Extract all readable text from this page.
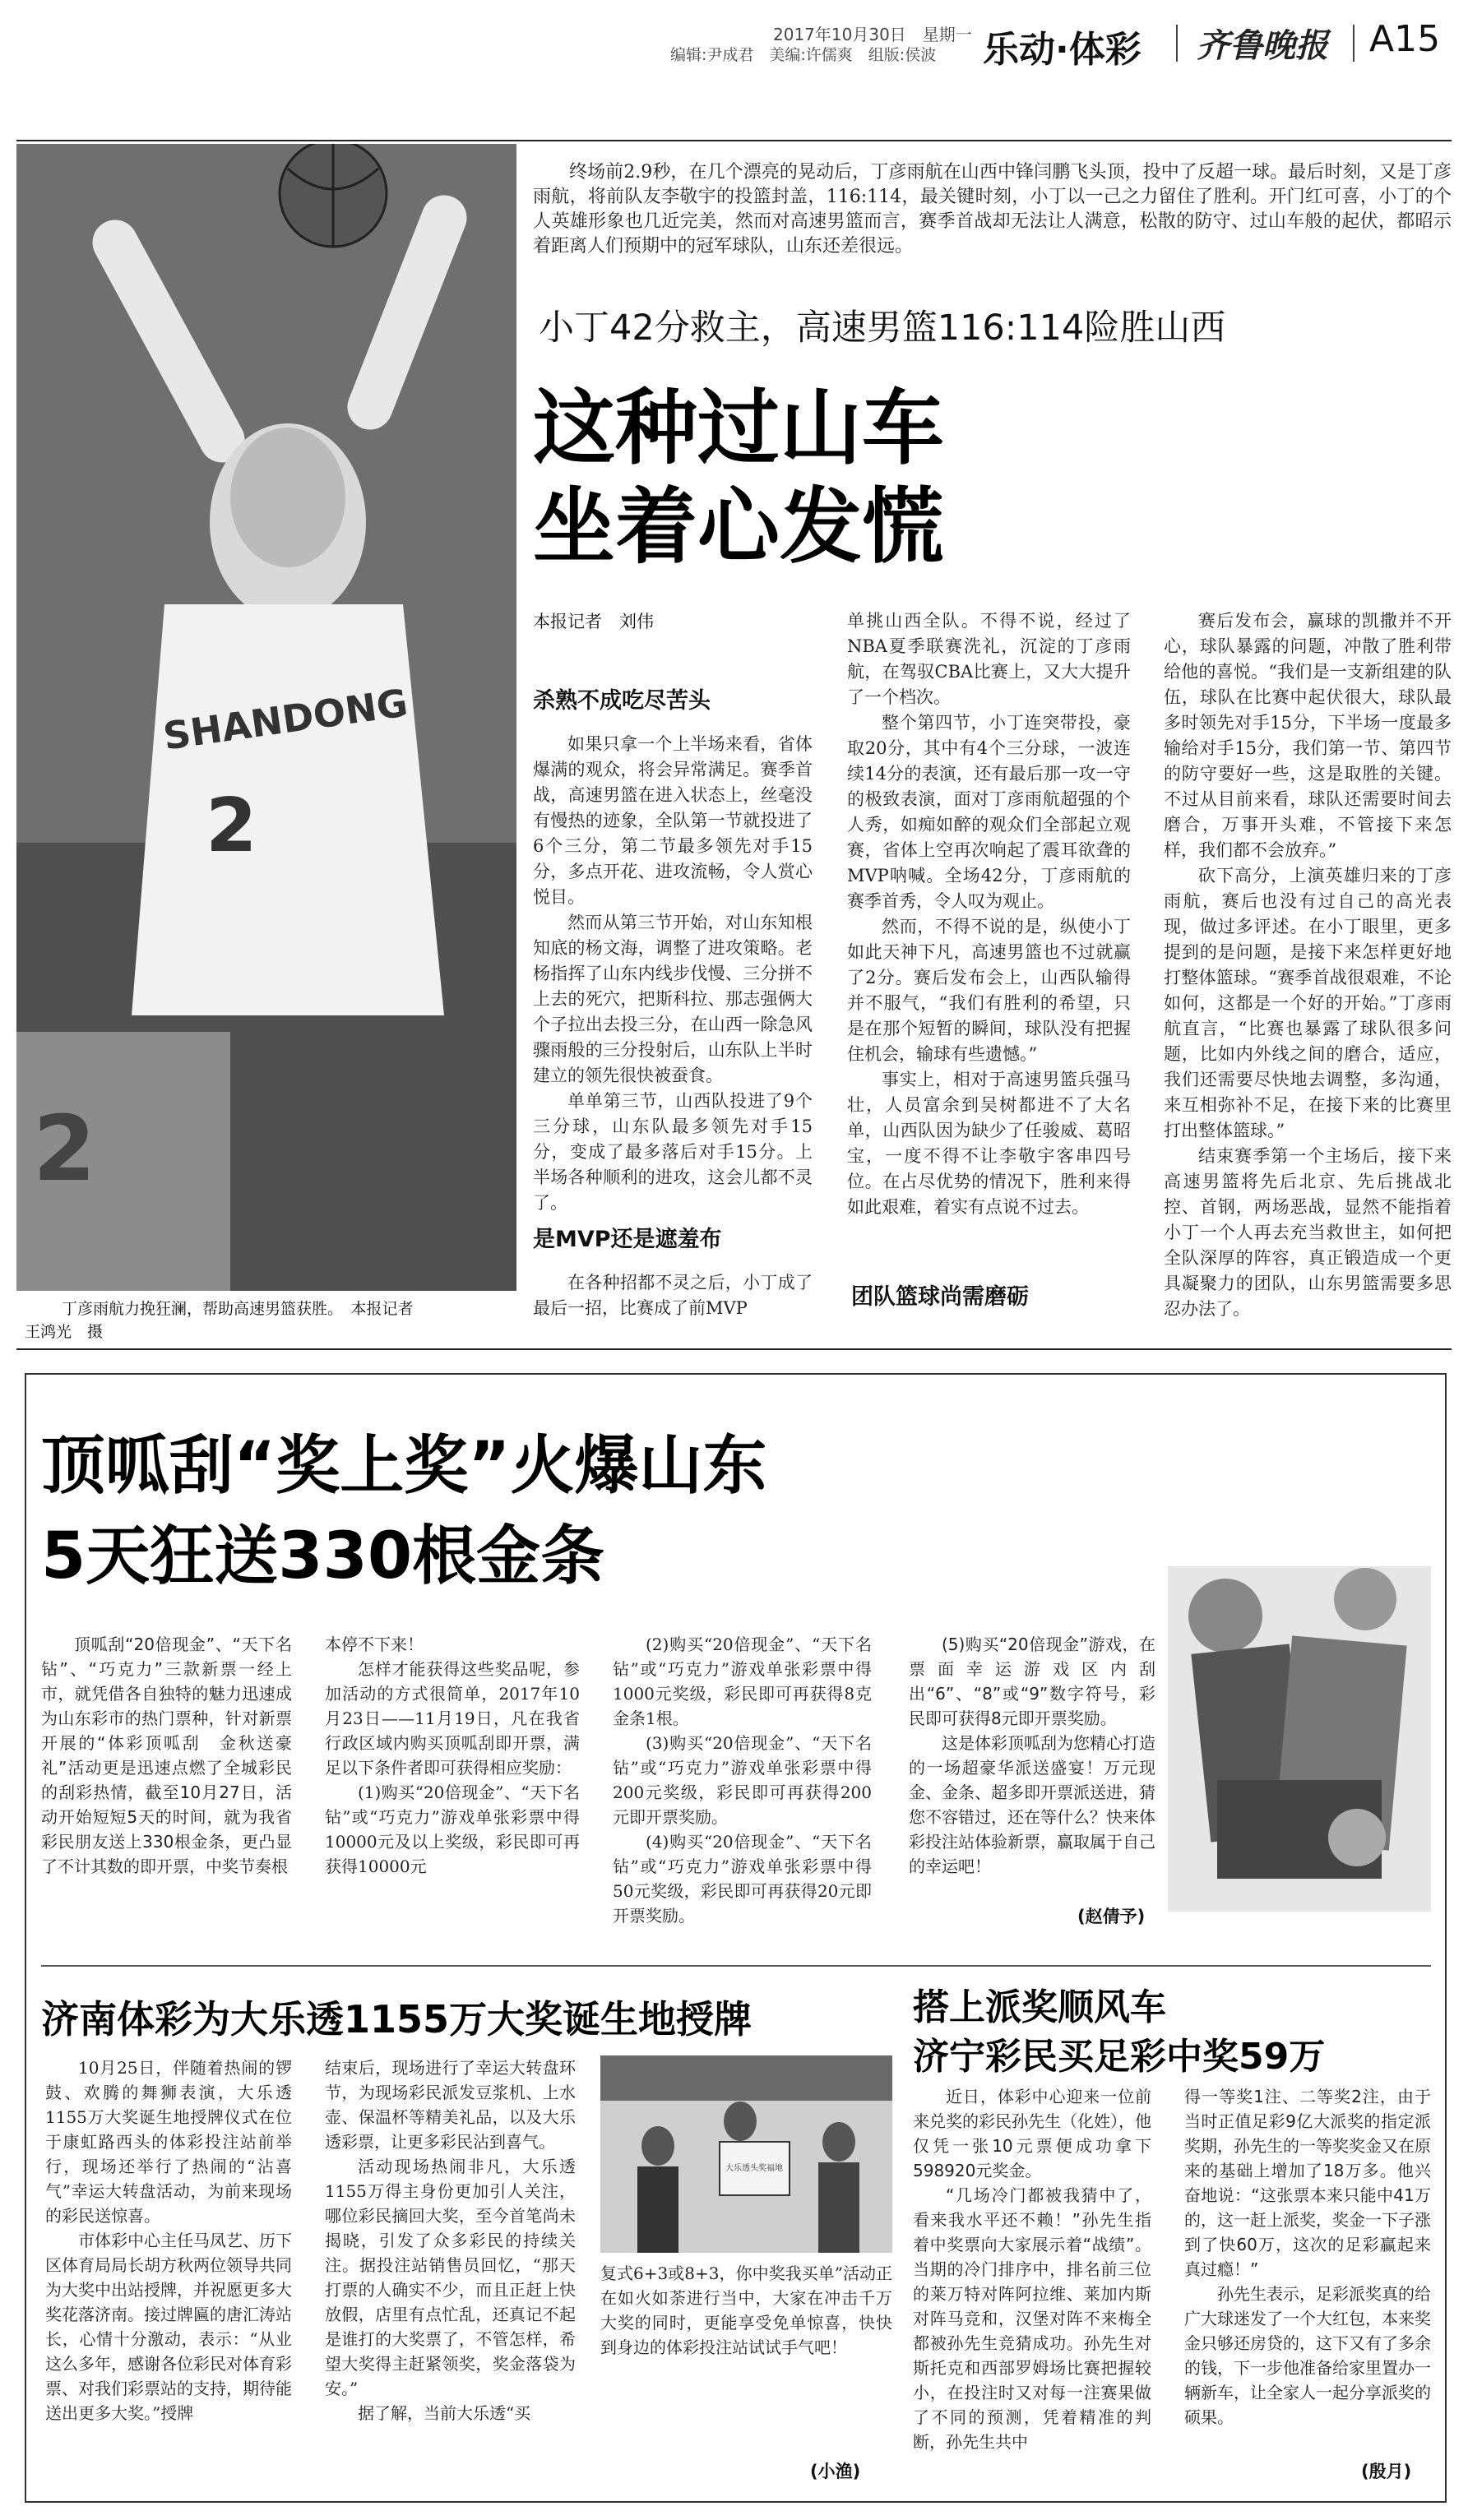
2017年10月30日　星期一
编辑:尹成君　美编:许儒爽　组版:侯波 乐动·体彩 齐鲁晚报 A15
SHANDONG
2
2
丁彦雨航力挽狂澜，帮助高速男篮获胜。　本报记者
王鸿光　摄

终场前2.9秒，在几个漂亮的晃动后，丁彦雨航在山西中锋闫鹏飞头顶，投中了反超一球。最后时刻，又是丁彦雨航，将前队友李敬宇的投篮封盖，116:114，最关键时刻，小丁以一己之力留住了胜利。开门红可喜，小丁的个人英雄形象也几近完美，然而对高速男篮而言，赛季首战却无法让人满意，松散的防守、过山车般的起伏，都昭示着距离人们预期中的冠军球队，山东还差很远。

小丁42分救主，高速男篮116:114险胜山西
这种过山车
坐着心发慌
本报记者　刘伟
杀熟不成吃尽苦头

如果只拿一个上半场来看，省体爆满的观众，将会异常满足。赛季首战，高速男篮在进入状态上，丝毫没有慢热的迹象，全队第一节就投进了6个三分，第二节最多领先对手15分，多点开花、进攻流畅，令人赏心悦目。

然而从第三节开始，对山东知根知底的杨文海，调整了进攻策略。老杨指挥了山东内线步伐慢、三分拼不上去的死穴，把斯科拉、那志强俩大个子拉出去投三分，在山西一除急风骤雨般的三分投射后，山东队上半时建立的领先很快被蚕食。

单单第三节，山西队投进了9个三分球，山东队最多领先对手15分，变成了最多落后对手15分。上半场各种顺利的进攻，这会儿都不灵了。

是MVP还是遮羞布

在各种招都不灵之后，小丁成了最后一招，比赛成了前MVP

单挑山西全队。不得不说，经过了NBA夏季联赛洗礼，沉淀的丁彦雨航，在驾驭CBA比赛上，又大大提升了一个档次。

整个第四节，小丁连突带投，豪取20分，其中有4个三分球，一波连续14分的表演，还有最后那一攻一守的极致表演，面对丁彦雨航超强的个人秀，如痴如醉的观众们全部起立观赛，省体上空再次响起了震耳欲聋的MVP呐喊。全场42分，丁彦雨航的赛季首秀，令人叹为观止。

然而，不得不说的是，纵使小丁如此天神下凡，高速男篮也不过就赢了2分。赛后发布会上，山西队输得并不服气，“我们有胜利的希望，只是在那个短暂的瞬间，球队没有把握住机会，输球有些遗憾。”

事实上，相对于高速男篮兵强马壮，人员富余到吴树都进不了大名单，山西队因为缺少了任骏威、葛昭宝，一度不得不让李敬宇客串四号位。在占尽优势的情况下，胜利来得如此艰难，着实有点说不过去。

团队篮球尚需磨砺

赛后发布会，赢球的凯撒并不开心，球队暴露的问题，冲散了胜利带给他的喜悦。“我们是一支新组建的队伍，球队在比赛中起伏很大，球队最多时领先对手15分，下半场一度最多输给对手15分，我们第一节、第四节的防守要好一些，这是取胜的关键。不过从目前来看，球队还需要时间去磨合，万事开头难，不管接下来怎样，我们都不会放弃。”

砍下高分，上演英雄归来的丁彦雨航，赛后也没有过自己的高光表现，做过多评述。在小丁眼里，更多提到的是问题，是接下来怎样更好地打整体篮球。“赛季首战很艰难，不论如何，这都是一个好的开始。”丁彦雨航直言，“比赛也暴露了球队很多问题，比如内外线之间的磨合，适应，我们还需要尽快地去调整，多沟通，来互相弥补不足，在接下来的比赛里打出整体篮球。”

结束赛季第一个主场后，接下来高速男篮将先后北京、先后挑战北控、首钢，两场恶战，显然不能指着小丁一个人再去充当救世主，如何把全队深厚的阵容，真正锻造成一个更具凝聚力的团队，山东男篮需要多思忍办法了。

顶呱刮“奖上奖”火爆山东
5天狂送330根金条

顶呱刮“20倍现金”、“天下名钻”、“巧克力”三款新票一经上市，就凭借各自独特的魅力迅速成为山东彩市的热门票种，针对新票开展的“体彩顶呱刮　金秋送豪礼”活动更是迅速点燃了全城彩民的刮彩热情，截至10月27日，活动开始短短5天的时间，就为我省彩民朋友送上330根金条，更凸显了不计其数的即开票，中奖节奏根

本停不下来！

怎样才能获得这些奖品呢，参加活动的方式很简单，2017年10月23日——11月19日，凡在我省行政区域内购买顶呱刮即开票，满足以下条件者即可获得相应奖励：

(1)购买“20倍现金”、“天下名钻”或“巧克力”游戏单张彩票中得10000元及以上奖级，彩民即可再获得10000元

(2)购买“20倍现金”、“天下名钻”或“巧克力”游戏单张彩票中得1000元奖级，彩民即可再获得8克金条1根。

(3)购买“20倍现金”、“天下名钻”或“巧克力”游戏单张彩票中得200元奖级，彩民即可再获得200元即开票奖励。

(4)购买“20倍现金”、“天下名钻”或“巧克力”游戏单张彩票中得50元奖级，彩民即可再获得20元即开票奖励。

(5)购买“20倍现金”游戏，在票面幸运游戏区内刮出“6”、“8”或“9”数字符号，彩民即可获得8元即开票奖励。

这是体彩顶呱刮为您精心打造的一场超豪华派送盛宴！万元现金、金条、超多即开票派送进，猜您不容错过，还在等什么？快来体彩投注站体验新票，赢取属于自己的幸运吧！

(赵倩予)
济南体彩为大乐透1155万大奖诞生地授牌

10月25日，伴随着热闹的锣鼓、欢腾的舞狮表演，大乐透1155万大奖诞生地授牌仪式在位于康虹路西头的体彩投注站前举行，现场还举行了热闹的“沾喜气”幸运大转盘活动，为前来现场的彩民送惊喜。

市体彩中心主任马凤艺、历下区体育局局长胡方秋两位领导共同为大奖中出站授牌，并祝愿更多大奖花落济南。接过牌匾的唐汇涛站长，心情十分激动，表示：“从业这么多年，感谢各位彩民对体育彩票、对我们彩票站的支持，期待能送出更多大奖。”授牌

结束后，现场进行了幸运大转盘环节，为现场彩民派发豆浆机、上水壶、保温杯等精美礼品，以及大乐透彩票，让更多彩民沾到喜气。

活动现场热闹非凡，大乐透1155万得主身份更加引人关注，哪位彩民摘回大奖，至今首笔尚未揭晓，引发了众多彩民的持续关注。据投注站销售员回忆，“那天打票的人确实不少，而且正赶上快放假，店里有点忙乱，还真记不起是谁打的大奖票了，不管怎样，希望大奖得主赶紧领奖，奖金落袋为安。”

据了解，当前大乐透“买

大乐透头奖福地

复式6+3或8+3，你中奖我买单”活动正在如火如荼进行当中，大家在冲击千万大奖的同时，更能享受免单惊喜，快快到身边的体彩投注站试试手气吧！

(小渔)
搭上派奖顺风车
济宁彩民买足彩中奖59万

近日，体彩中心迎来一位前来兑奖的彩民孙先生（化姓），他仅凭一张10元票便成功拿下598920元奖金。

“几场冷门都被我猜中了，看来我水平还不赖！”孙先生指着中奖票向大家展示着“战绩”。当期的冷门排序中，排名前三位的莱万特对阵阿拉维、莱加内斯对阵马竞和，汉堡对阵不来梅全都被孙先生竞猜成功。孙先生对斯托克和西部罗姆场比赛把握较小，在投注时又对每一注赛果做了不同的预测，凭着精准的判断，孙先生共中

得一等奖1注、二等奖2注，由于当时正值足彩9亿大派奖的指定派奖期，孙先生的一等奖奖金又在原来的基础上增加了18万多。他兴奋地说：“这张票本来只能中41万的，这一赶上派奖，奖金一下子涨到了快60万，这次的足彩赢起来真过瘾！”

孙先生表示，足彩派奖真的给广大球迷发了一个大红包，本来奖金只够还房贷的，这下又有了多余的钱，下一步他准备给家里置办一辆新车，让全家人一起分享派奖的硕果。

(殷月)
